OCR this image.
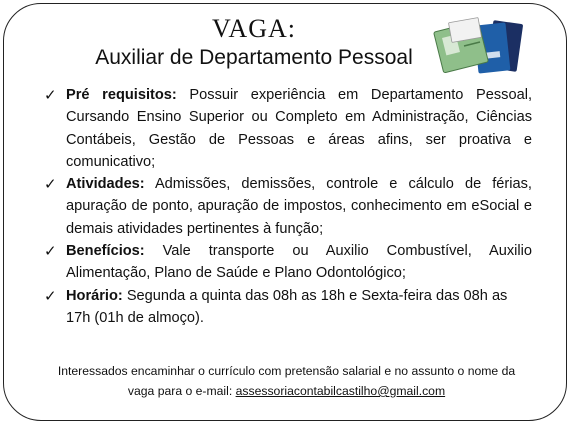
VAGA:
Auxiliar de Departamento Pessoal
✓ Pré requisitos: Possuir experiência em Departamento Pessoal, Cursando Ensino Superior ou Completo em Administração, Ciências Contábeis, Gestão de Pessoas e áreas afins, ser proativa e comunicativo;
✓ Atividades: Admissões, demissões, controle e cálculo de férias, apuração de ponto, apuração de impostos, conhecimento em eSocial e demais atividades pertinentes à função;
✓ Benefícios: Vale transporte ou Auxilio Combustível, Auxilio Alimentação, Plano de Saúde e Plano Odontológico;
✓ Horário: Segunda a quinta das 08h as 18h e Sexta-feira das 08h as 17h (01h de almoço).
Interessados encaminhar o currículo com pretensão salarial e no assunto o nome da
vaga para o e-mail: assessoriacontabilcastilho@gmail.com
